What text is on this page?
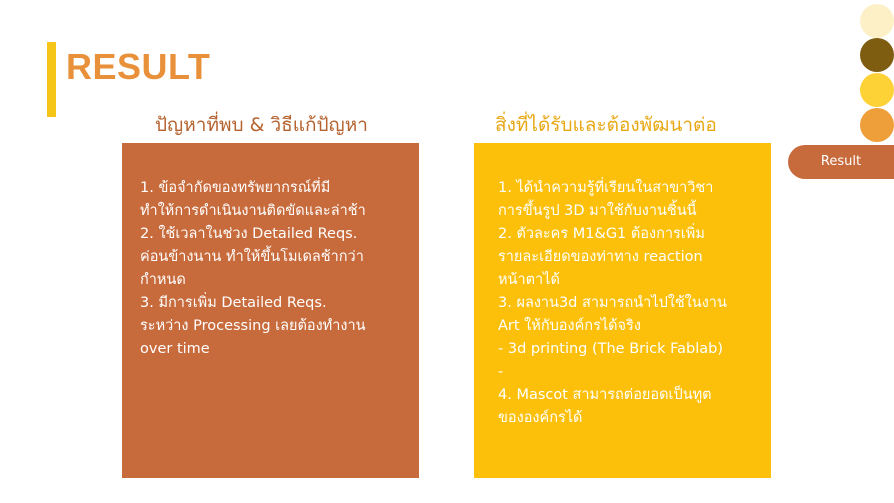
RESULT
ปัญหาที่พบ & วิธีแก้ปัญหา	สิ่งที่ได้รับและต้องพัฒนาต่อ
1. ข้อจำกัดของทรัพยากรณ์ที่มี
ทำให้การดำเนินงานติดขัดและล่าช้า
2. ใช้เวลาในช่วง Detailed Reqs.
ค่อนข้างนาน ทำให้ขึ้นโมเดลช้ากว่า
กำหนด
3. มีการเพิ่ม Detailed Reqs.
ระหว่าง Processing เลยต้องทำงาน
over time
1. ได้นำความรู้ที่เรียนในสาขาวิชา
การขึ้นรูป 3D มาใช้กับงานชิ้นนี้
2. ตัวละคร M1&G1 ต้องการเพิ่ม
รายละเอียดของท่าทาง reaction
หน้าตาได้
3. ผลงาน3d สามารถนำไปใช้ในงาน
Art ให้กับองค์กรได้จริง
- 3d printing (The Brick Fablab)
-
4. Mascot สามารถต่อยอดเป็นทูต
ขององค์กรได้
Result
